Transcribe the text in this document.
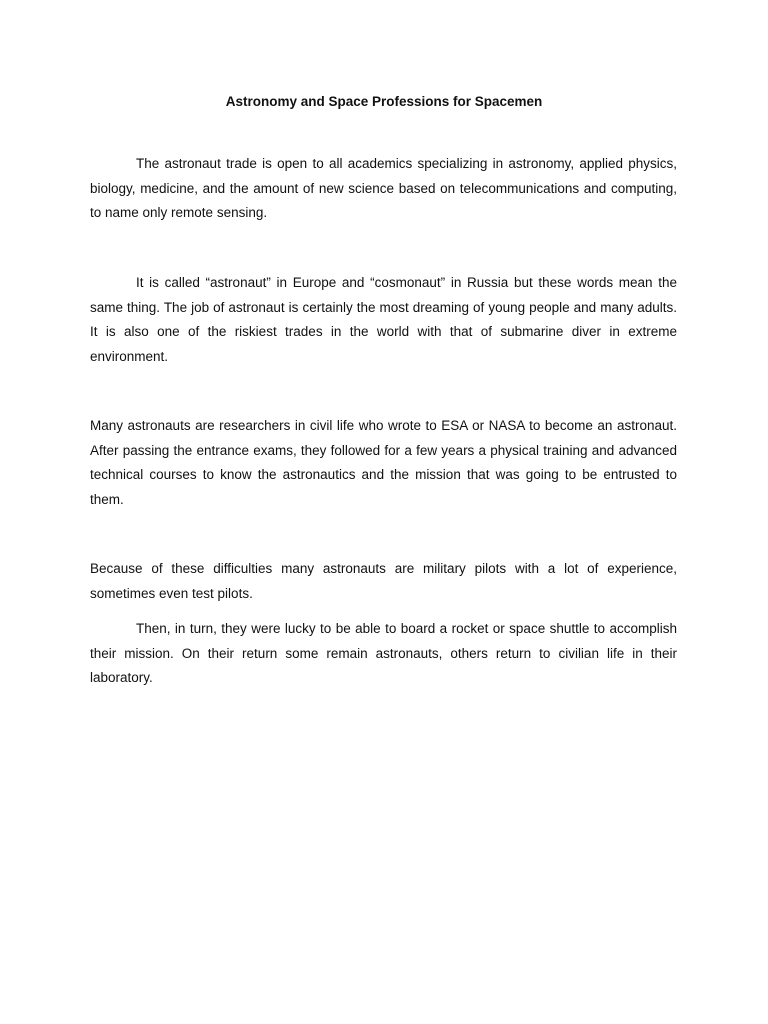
Astronomy and Space Professions for Spacemen

The astronaut trade is open to all academics specializing in astronomy, applied physics, biology, medicine, and the amount of new science based on telecommunications and computing, to name only remote sensing.

It is called “astronaut” in Europe and “cosmonaut” in Russia but these words mean the same thing. The job of astronaut is certainly the most dreaming of young people and many adults. It is also one of the riskiest trades in the world with that of submarine diver in extreme environment.

Many astronauts are researchers in civil life who wrote to ESA or NASA to become an astronaut. After passing the entrance exams, they followed for a few years a physical training and advanced technical courses to know the astronautics and the mission that was going to be entrusted to them.

Because of these difficulties many astronauts are military pilots with a lot of experience, sometimes even test pilots.

Then, in turn, they were lucky to be able to board a rocket or space shuttle to accomplish their mission. On their return some remain astronauts, others return to civilian life in their laboratory.
